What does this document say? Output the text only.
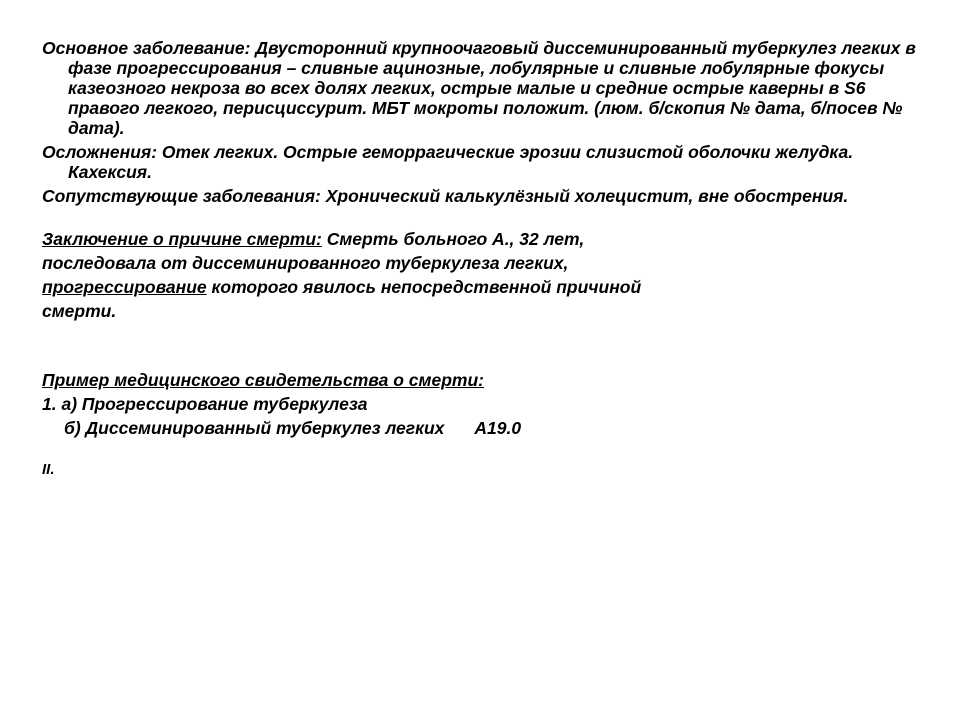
Основное заболевание: Двусторонний крупноочаговый диссеминированный туберкулез легких в фазе прогрессирования – сливные ацинозные, лобулярные и сливные лобулярные фокусы казеозного некроза во всех долях легких, острые малые и средние острые каверны в S6 правого легкого, перисциссурит. МБТ мокроты положит. (люм. б/скопия № дата, б/посев № дата).

Осложнения: Отек легких. Острые геморрагические эрозии слизистой оболочки желудка. Кахексия.

Сопутствующие заболевания: Хронический калькулёзный холецистит, вне обострения.

Заключение о причине смерти: Смерть больного А., 32 лет,

последовала от диссеминированного туберкулеза легких,

прогрессирование которого явилось непосредственной причиной

смерти.

Пример медицинского свидетельства о смерти:

1. а) Прогрессирование туберкулеза

б) Диссеминированный туберкулез легких А19.0

II.
